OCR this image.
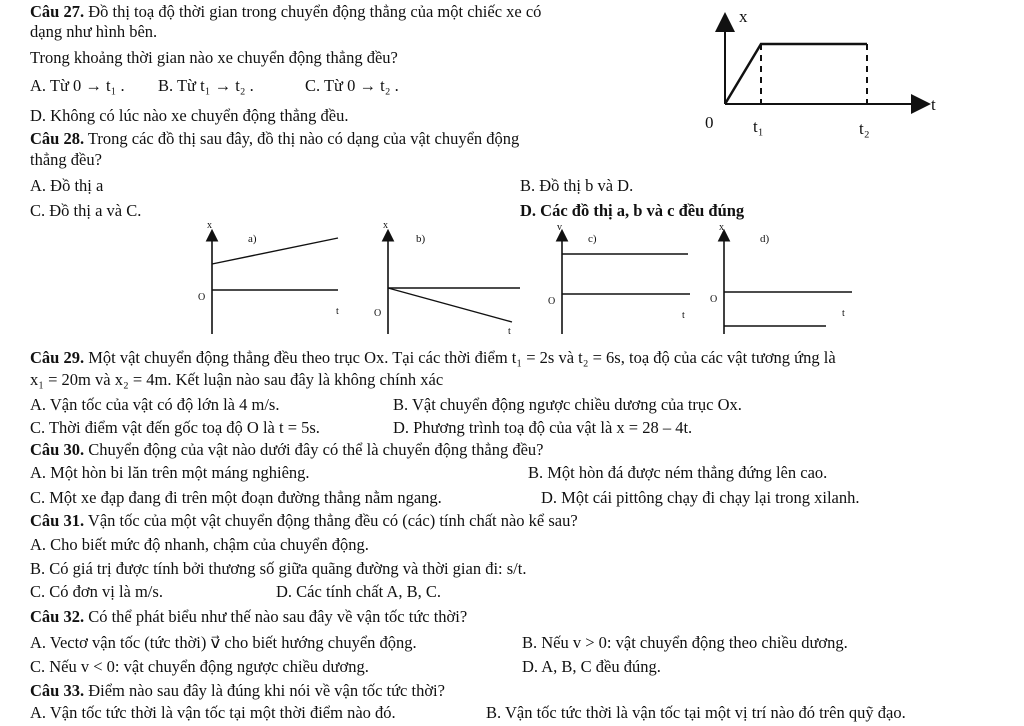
Câu 27. Đồ thị toạ độ thời gian trong chuyển động thẳng của một chiếc xe có
dạng như hình bên.
Trong khoảng thời gian nào xe chuyển động thẳng đều?
A. Từ 0 → t₁ . B. Từ t₁ → t₂ .	C. Từ 0 → t₂ .
D. Không có lúc nào xe chuyển động thẳng đều.
x
t
0 t₁	t₂
Câu 28. Trong các đồ thị sau đây, đồ thị nào có dạng của vật chuyển động
thẳng đều?
A. Đồ thị a	B. Đồ thị b và D.
C. Đồ thị a và C.	D. Các đồ thị a, b và c đều đúng
a)
x
O
t
b)
x
O
t
c)
v
O
t
d)
x
O
t
Câu 29. Một vật chuyển động thẳng đều theo trục Ox. Tại các thời điểm t₁ = 2s và t₂ = 6s, toạ độ của các vật tương ứng là
x₁ = 20m và x₂ = 4m. Kết luận nào sau đây là không chính xác
A. Vận tốc của vật có độ lớn là 4 m/s.	B. Vật chuyển động ngược chiều dương của trục Ox.
C. Thời điểm vật đến gốc toạ độ O là t = 5s.	D. Phương trình toạ độ của vật là x = 28 – 4t.
Câu 30. Chuyển động của vật nào dưới đây có thể là chuyển động thẳng đều?
A. Một hòn bi lăn trên một máng nghiêng.	B. Một hòn đá được ném thẳng đứng lên cao.
C. Một xe đạp đang đi trên một đoạn đường thẳng nằm ngang.	D. Một cái pittông chạy đi chạy lại trong xilanh.
Câu 31. Vận tốc của một vật chuyển động thẳng đều có (các) tính chất nào kể sau?
A. Cho biết mức độ nhanh, chậm của chuyển động.
B. Có giá trị được tính bởi thương số giữa quãng đường và thời gian đi: s/t.
C. Có đơn vị là m/s.	D. Các tính chất A, B, C.
Câu 32. Có thể phát biểu như thế nào sau đây về vận tốc tức thời?
A. Vectơ vận tốc (tức thời) v⃗ cho biết hướng chuyển động.	B. Nếu v > 0: vật chuyển động theo chiều dương.
C. Nếu v < 0: vật chuyển động ngược chiều dương.	D. A, B, C đều đúng.
Câu 33. Điểm nào sau đây là đúng khi nói về vận tốc tức thời?
A. Vận tốc tức thời là vận tốc tại một thời điểm nào đó.	B. Vận tốc tức thời là vận tốc tại một vị trí nào đó trên quỹ đạo.
